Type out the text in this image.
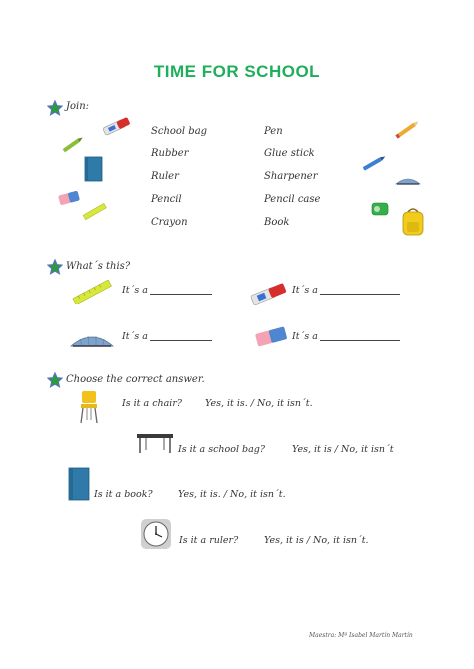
TIME FOR SCHOOL
Join:
School bag
Rubber
Ruler
Pencil
Crayon
Pen
Glue stick
Sharpener
Pencil case
Book
What´s this?
It´s a	It´s a
It´s a	It´s a
Choose the correct answer.
Is it a chair? Yes, it is. / No, it isn´t.
Is it a school bag?	Yes, it is / No, it isn´t
Is it a book?	Yes, it is. / No, it isn´t.
Is it a ruler?	Yes, it is / No, it isn´t.
Maestra: Mª Isabel Martín Martín
